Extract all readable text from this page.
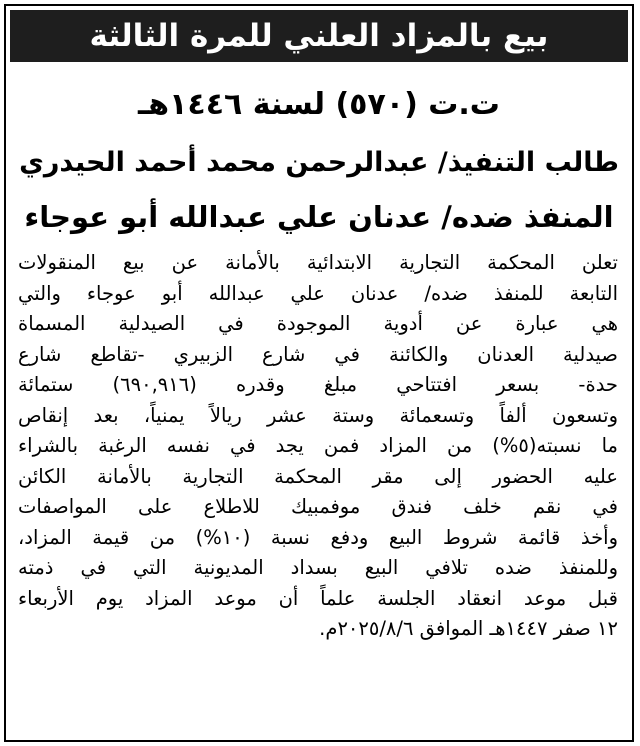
بيع بالمزاد العلني للمرة الثالثة
ت.ت (٥٧٠) لسنة ١٤٤٦هـ
طالب التنفيذ/ عبدالرحمن محمد أحمد الحيدري
المنفذ ضده/ عدنان علي عبدالله أبو عوجاء
تعلن المحكمة التجارية الابتدائية بالأمانة عن بيع المنقولات
التابعة للمنفذ ضده/ عدنان علي عبدالله أبو عوجاء والتي
هي عبارة عن أدوية الموجودة في الصيدلية المسماة
صيدلية العدنان والكائنة في شارع الزبيري -تقاطع شارع
حدة- بسعر افتتاحي مبلغ وقدره (٦٩٠,٩١٦) ستمائة
وتسعون ألفاً وتسعمائة وستة عشر ريالاً يمنياً، بعد إنقاص
ما نسبته(٥%) من المزاد فمن يجد في نفسه الرغبة بالشراء
عليه الحضور إلى مقر المحكمة التجارية بالأمانة الكائن
في نقم خلف فندق موفمبيك للاطلاع على المواصفات
وأخذ قائمة شروط البيع ودفع نسبة (١٠%) من قيمة المزاد،
وللمنفذ ضده تلافي البيع بسداد المديونية التي في ذمته
قبل موعد انعقاد الجلسة علماً أن موعد المزاد يوم الأربعاء
١٢ صفر ١٤٤٧هـ الموافق ٢٠٢٥/٨/٦م.
